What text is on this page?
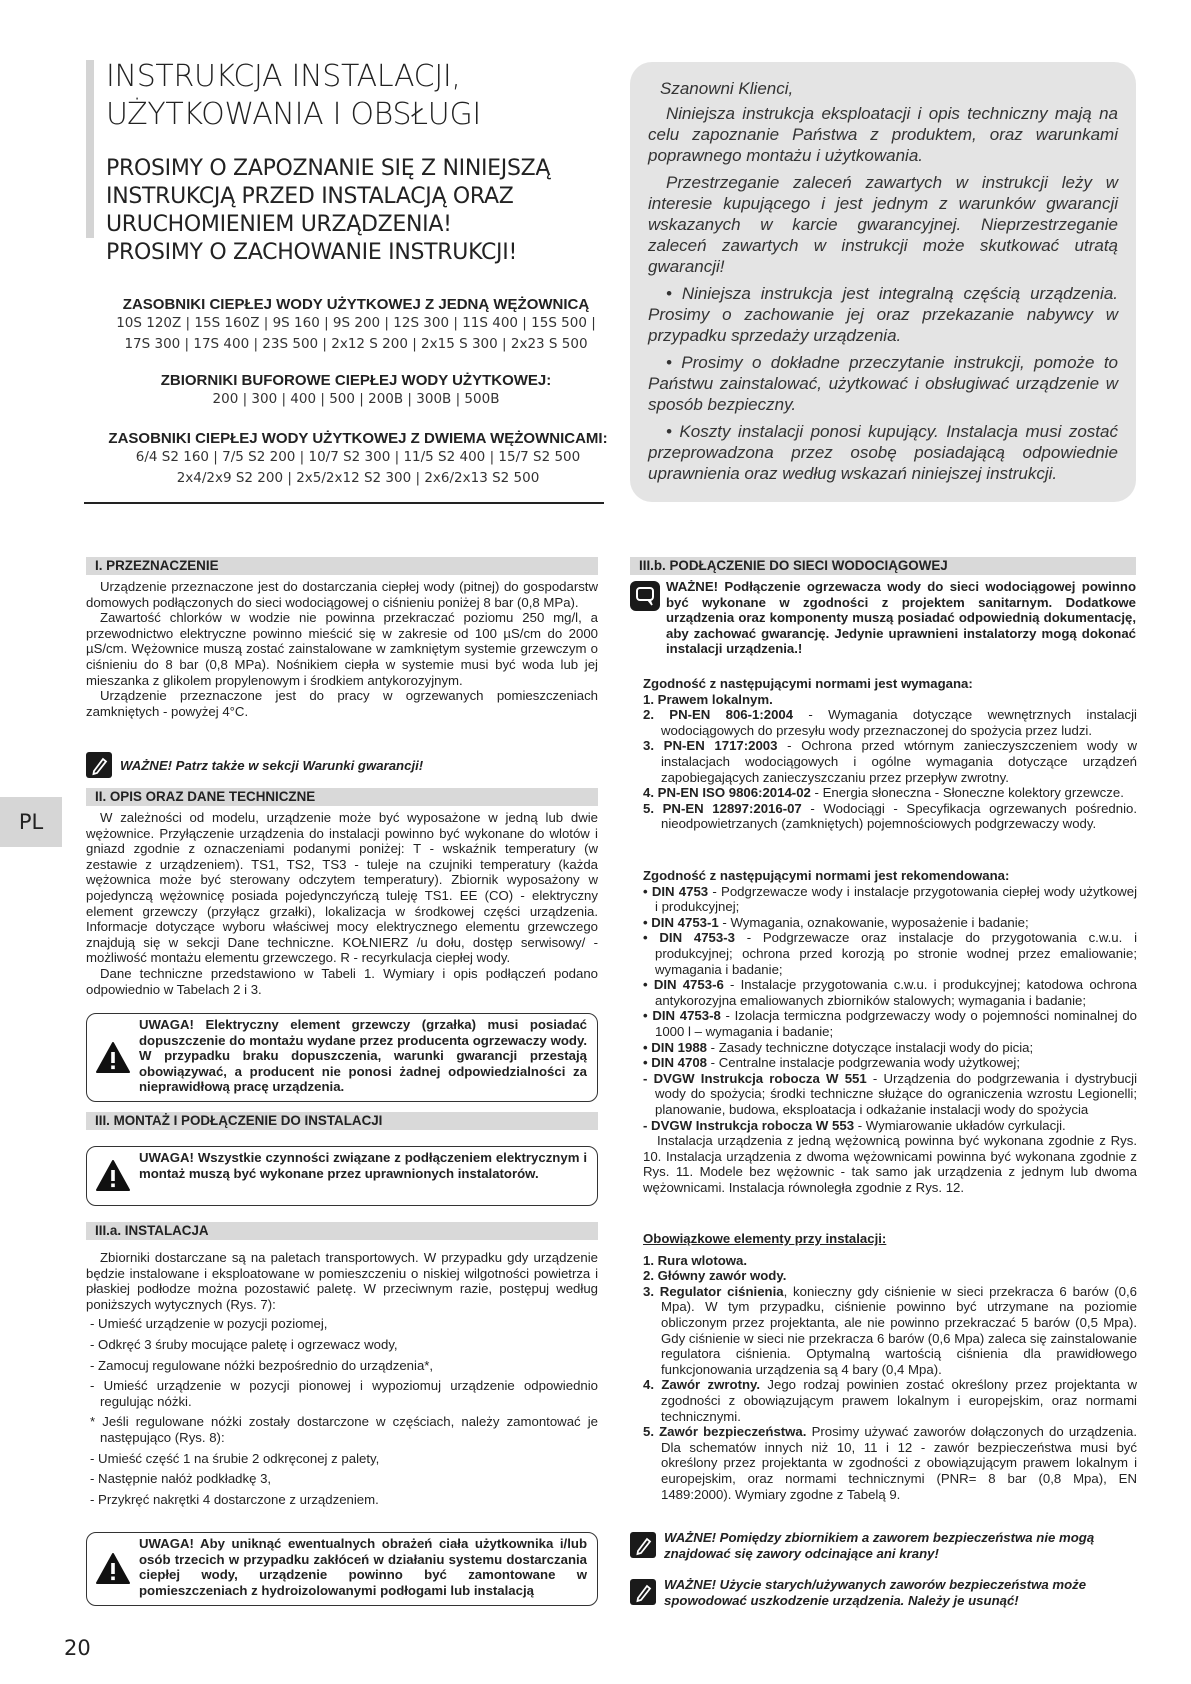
INSTRUKCJA INSTALACJI,
UŻYTKOWANIA I OBSŁUGI
PROSIMY O ZAPOZNANIE SIĘ Z NINIEJSZĄ
INSTRUKCJĄ PRZED INSTALACJĄ ORAZ
URUCHOMIENIEM URZĄDZENIA!
PROSIMY O ZACHOWANIE INSTRUKCJI!
ZASOBNIKI CIEPŁEJ WODY UŻYTKOWEJ Z JEDNĄ WĘŻOWNICĄ
10S 120Z | 15S 160Z | 9S 160 | 9S 200 | 12S 300 | 11S 400 | 15S 500 |
17S 300 | 17S 400 | 23S 500 | 2x12 S 200 | 2x15 S 300 | 2x23 S 500
ZBIORNIKI BUFOROWE CIEPŁEJ WODY UŻYTKOWEJ:
200 | 300 | 400 | 500 | 200B | 300B | 500B
ZASOBNIKI CIEPŁEJ WODY UŻYTKOWEJ Z DWIEMA WĘŻOWNICAMI:
6/4 S2 160 | 7/5 S2 200 | 10/7 S2 300 | 11/5 S2 400 | 15/7 S2 500
2x4/2x9 S2 200 | 2x5/2x12 S2 300 | 2x6/2x13 S2 500

Szanowni Klienci,

Niniejsza instrukcja eksploatacji i opis techniczny mają na celu zapoznanie Państwa z produktem, oraz warunkami poprawnego montażu i użytkowania.

Przestrzeganie zaleceń zawartych w instrukcji leży w interesie kupującego i jest jednym z warunków gwarancji wskazanych w karcie gwarancyjnej. Nieprzestrzeganie zaleceń zawartych w instrukcji może skutkować utratą gwarancji!

• Niniejsza instrukcja jest integralną częścią urządzenia. Prosimy o zachowanie jej oraz przekazanie nabywcy w przypadku sprzedaży urządzenia.

• Prosimy o dokładne przeczytanie instrukcji, pomoże to Państwu zainstalować, użytkować i obsługiwać urządzenie w sposób bezpieczny.

• Koszty instalacji ponosi kupujący. Instalacja musi zostać przeprowadzona przez osobę posiadającą odpowiednie uprawnienia oraz według wskazań niniejszej instrukcji.

PL
20
I. PRZEZNACZENIE

Urządzenie przeznaczone jest do dostarczania ciepłej wody (pitnej) do gospodarstw domowych podłączonych do sieci wodociągowej o ciśnieniu poniżej 8 bar (0,8 MPa).

Zawartość chlorków w wodzie nie powinna przekraczać poziomu 250 mg/l, a przewodnictwo elektryczne powinno mieścić się w zakresie od 100 µS/cm do 2000 µS/cm. Wężownice muszą zostać zainstalowane w zamkniętym systemie grzewczym o ciśnieniu do 8 bar (0,8 MPa). Nośnikiem ciepła w systemie musi być woda lub jej mieszanka z glikolem propylenowym i środkiem antykorozyjnym.

Urządzenie przeznaczone jest do pracy w ogrzewanych pomieszczeniach zamkniętych - powyżej 4°C.

WAŻNE! Patrz także w sekcji Warunki gwarancji!
II. OPIS ORAZ DANE TECHNICZNE

W zależności od modelu, urządzenie może być wyposażone w jedną lub dwie wężownice. Przyłączenie urządzenia do instalacji powinno być wykonane do wlotów i gniazd zgodnie z oznaczeniami podanymi poniżej: T - wskaźnik temperatury (w zestawie z urządzeniem). TS1, TS2, TS3 - tuleje na czujniki temperatury (każda wężownica może być sterowany odczytem temperatury). Zbiornik wyposażony w pojedynczą wężownicę posiada pojedynczyńczą tuleję TS1. EE (CO) - elektryczny element grzewczy (przyłącz grzałki), lokalizacja w środkowej części urządzenia. Informacje dotyczące wyboru właściwej mocy elektrycznego elementu grzewczego znajdują się w sekcji Dane techniczne. KOŁNIERZ /u dołu, dostęp serwisowy/ - możliwość montażu elementu grzewczego. R - recyrkulacja ciepłej wody.

Dane techniczne przedstawiono w Tabeli 1. Wymiary i opis podłączeń podano odpowiednio w Tabelach 2 i 3.

UWAGA! Elektryczny element grzewczy (grzałka) musi posiadać dopuszczenie do montażu wydane przez producenta ogrzewaczy wody. W przypadku braku dopuszczenia, warunki gwarancji przestają obowiązywać, a producent nie ponosi żadnej odpowiedzialności za nieprawidłową pracę urządzenia.
III. MONTAŻ I PODŁĄCZENIE DO INSTALACJI
UWAGA! Wszystkie czynności związane z podłączeniem elektrycznym i montaż muszą być wykonane przez uprawnionych instalatorów.
III.a. INSTALACJA

Zbiorniki dostarczane są na paletach transportowych. W przypadku gdy urządzenie będzie instalowane i eksploatowane w pomieszczeniu o niskiej wilgotności powietrza i płaskiej podłodze można pozostawić paletę. W przeciwnym razie, postępuj według poniższych wytycznych (Rys. 7):

- Umieść urządzenie w pozycji poziomej,

- Odkręć 3 śruby mocujące paletę i ogrzewacz wody,

- Zamocuj regulowane nóżki bezpośrednio do urządzenia*,

- Umieść urządzenie w pozycji pionowej i wypoziomuj urządzenie odpowiednio regulując nóżki.

* Jeśli regulowane nóżki zostały dostarczone w częściach, należy zamontować je następująco (Rys. 8):

- Umieść część 1 na śrubie 2 odkręconej z palety,

- Następnie nałóż podkładkę 3,

- Przykręć nakrętki 4 dostarczone z urządzeniem.

UWAGA! Aby uniknąć ewentualnych obrażeń ciała użytkownika i/lub osób trzecich w przypadku zakłóceń w działaniu systemu dostarczania ciepłej wody, urządzenie powinno być zamontowane w pomieszczeniach z hydroizolowanymi podłogami lub instalacją
III.b. PODŁĄCZENIE DO SIECI WODOCIĄGOWEJ

WAŻNE! Podłączenie ogrzewacza wody do sieci wodociągowej powinno być wykonane w zgodności z projektem sanitarnym. Dodatkowe urządzenia oraz komponenty muszą posiadać odpowiednią dokumentację, aby zachować gwarancję. Jedynie uprawnieni instalatorzy mogą dokonać instalacji urządzenia.!

Zgodność z następującymi normami jest wymagana:

1. Prawem lokalnym.

2. PN-EN 806-1:2004 - Wymagania dotyczące wewnętrznych instalacji wodociągowych do przesyłu wody przeznaczonej do spożycia przez ludzi.

3. PN-EN 1717:2003 - Ochrona przed wtórnym zanieczyszczeniem wody w instalacjach wodociągowych i ogólne wymagania dotyczące urządzeń zapobiegających zanieczyszczaniu przez przepływ zwrotny.

4. PN-EN ISO 9806:2014-02 - Energia słoneczna - Słoneczne kolektory grzewcze.

5. PN-EN 12897:2016-07 - Wodociągi - Specyfikacja ogrzewanych pośrednio. nieodpowietrzanych (zamkniętych) pojemnościowych podgrzewaczy wody.

Zgodność z następującymi normami jest rekomendowana:

• DIN 4753 - Podgrzewacze wody i instalacje przygotowania ciepłej wody użytkowej i produkcyjnej;

• DIN 4753-1 - Wymagania, oznakowanie, wyposażenie i badanie;

• DIN 4753-3 - Podgrzewacze oraz instalacje do przygotowania c.w.u. i produkcyjnej; ochrona przed korozją po stronie wodnej przez emaliowanie; wymagania i badanie;

• DIN 4753-6 - Instalacje przygotowania c.w.u. i produkcyjnej; katodowa ochrona antykorozyjna emaliowanych zbiorników stalowych; wymagania i badanie;

• DIN 4753-8 - Izolacja termiczna podgrzewaczy wody o pojemności nominalnej do 1000 l – wymagania i badanie;

• DIN 1988 - Zasady techniczne dotyczące instalacji wody do picia;

• DIN 4708 - Centralne instalacje podgrzewania wody użytkowej;

- DVGW Instrukcja robocza W 551 - Urządzenia do podgrzewania i dystrybucji wody do spożycia; środki techniczne służące do ograniczenia wzrostu Legionelli; planowanie, budowa, eksploatacja i odkażanie instalacji wody do spożycia

- DVGW Instrukcja robocza W 553 - Wymiarowanie układów cyrkulacji.

Instalacja urządzenia z jedną wężownicą powinna być wykonana zgodnie z Rys. 10. Instalacja urządzenia z dwoma wężownicami powinna być wykonana zgodnie z Rys. 11. Modele bez wężownic - tak samo jak urządzenia z jednym lub dwoma wężownicami. Instalacja równoległa zgodnie z Rys. 12.

Obowiązkowe elementy przy instalacji:

1. Rura wlotowa.

2. Główny zawór wody.

3. Regulator ciśnienia, konieczny gdy ciśnienie w sieci przekracza 6 barów (0,6 Mpa). W tym przypadku, ciśnienie powinno być utrzymane na poziomie obliczonym przez projektanta, ale nie powinno przekraczać 5 barów (0,5 Mpa). Gdy ciśnienie w sieci nie przekracza 6 barów (0,6 Mpa) zaleca się zainstalowanie regulatora ciśnienia. Optymalną wartością ciśnienia dla prawidłowego funkcjonowania urządzenia są 4 bary (0,4 Mpa).

4. Zawór zwrotny. Jego rodzaj powinien zostać określony przez projektanta w zgodności z obowiązującym prawem lokalnym i europejskim, oraz normami technicznymi.

5. Zawór bezpieczeństwa. Prosimy używać zaworów dołączonych do urządzenia. Dla schematów innych niż 10, 11 i 12 - zawór bezpieczeństwa musi być określony przez projektanta w zgodności z obowiązującym prawem lokalnym i europejskim, oraz normami technicznymi (PNR= 8 bar (0,8 Mpa), EN 1489:2000). Wymiary zgodne z Tabelą 9.

WAŻNE! Pomiędzy zbiornikiem a zaworem bezpieczeństwa nie mogą znajdować się zawory odcinające ani krany!
WAŻNE! Użycie starych/używanych zaworów bezpieczeństwa może spowodować uszkodzenie urządzenia. Należy je usunąć!
